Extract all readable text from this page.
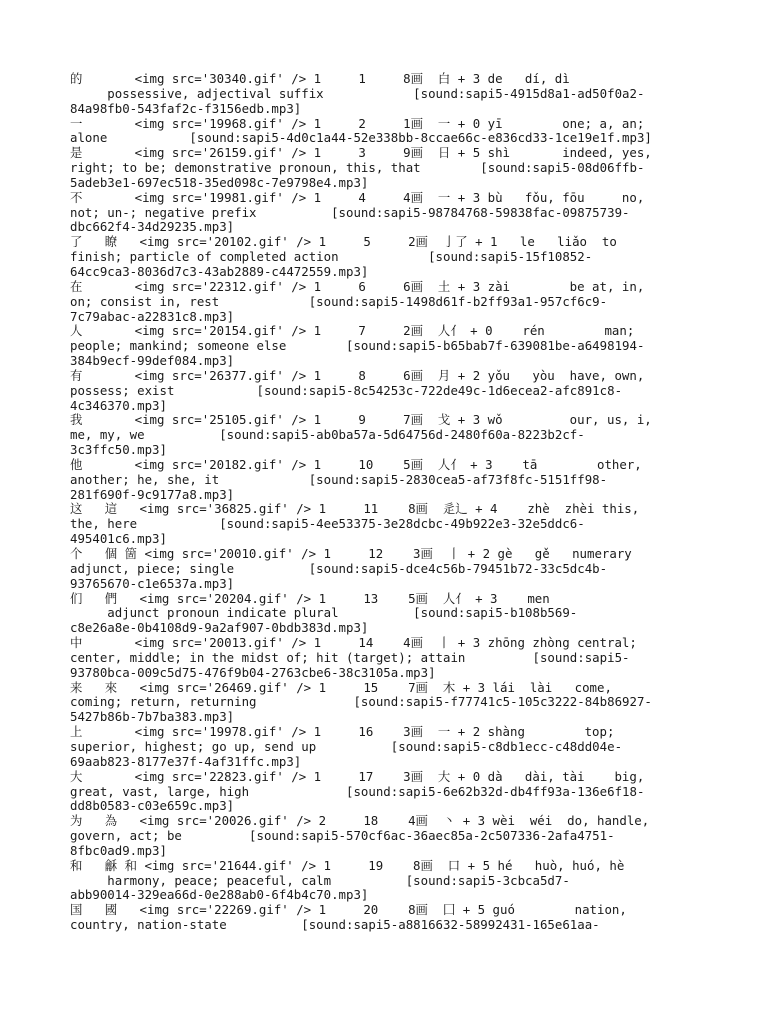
的       <img src='30340.gif' /> 1     1     8画  白 + 3 de   dí, dì
possessive, adjectival suffix            [sound:sapi5-4915d8a1-ad50f0a2-
84a98fb0-543faf2c-f3156edb.mp3]
一       <img src='19968.gif' /> 1     2     1画  一 + 0 yī        one; a, an;
alone           [sound:sapi5-4d0c1a44-52e338bb-8ccae66c-e836cd33-1ce19e1f.mp3]
是       <img src='26159.gif' /> 1     3     9画  日 + 5 shì       indeed, yes,
right; to be; demonstrative pronoun, this, that        [sound:sapi5-08d06ffb-
5adeb3e1-697ec518-35ed098c-7e9798e4.mp3]
不       <img src='19981.gif' /> 1     4     4画  一 + 3 bù   fǒu, fōu     no,
not; un-; negative prefix          [sound:sapi5-98784768-59838fac-09875739-
dbc662f4-34d29235.mp3]
了   瞭   <img src='20102.gif' /> 1     5     2画  亅了 + 1   le   liǎo  to
finish; particle of completed action            [sound:sapi5-15f10852-
64cc9ca3-8036d7c3-43ab2889-c4472559.mp3]
在       <img src='22312.gif' /> 1     6     6画  土 + 3 zài        be at, in,
on; consist in, rest            [sound:sapi5-1498d61f-b2ff93a1-957cf6c9-
7c79abac-a22831c8.mp3]
人       <img src='20154.gif' /> 1     7     2画  人亻 + 0    rén        man;
people; mankind; someone else        [sound:sapi5-b65bab7f-639081be-a6498194-
384b9ecf-99def084.mp3]
有       <img src='26377.gif' /> 1     8     6画  月 + 2 yǒu   yòu  have, own,
possess; exist           [sound:sapi5-8c54253c-722de49c-1d6ecea2-afc891c8-
4c346370.mp3]
我       <img src='25105.gif' /> 1     9     7画  戈 + 3 wǒ         our, us, i,
me, my, we          [sound:sapi5-ab0ba57a-5d64756d-2480f60a-8223b2cf-
3c3ffc50.mp3]
他       <img src='20182.gif' /> 1     10    5画  人亻 + 3    tā        other,
another; he, she, it            [sound:sapi5-2830cea5-af73f8fc-5151ff98-
281f690f-9c9177a8.mp3]
这   這   <img src='36825.gif' /> 1     11    8画  辵辶 + 4    zhè  zhèi this,
the, here           [sound:sapi5-4ee53375-3e28dcbc-49b922e3-32e5ddc6-
495401c6.mp3]
个   個 箇 <img src='20010.gif' /> 1     12    3画  丨 + 2 gè   gě   numerary
adjunct, piece; single          [sound:sapi5-dce4c56b-79451b72-33c5dc4b-
93765670-c1e6537a.mp3]
们   們   <img src='20204.gif' /> 1     13    5画  人亻 + 3    men
adjunct pronoun indicate plural          [sound:sapi5-b108b569-
c8e26a8e-0b4108d9-9a2af907-0bdb383d.mp3]
中       <img src='20013.gif' /> 1     14    4画  丨 + 3 zhōng zhòng central;
center, middle; in the midst of; hit (target); attain         [sound:sapi5-
93780bca-009c5d75-476f9b04-2763cbe6-38c3105a.mp3]
来   來   <img src='26469.gif' /> 1     15    7画  木 + 3 lái  lài   come,
coming; return, returning             [sound:sapi5-f77741c5-105c3222-84b86927-
5427b86b-7b7ba383.mp3]
上       <img src='19978.gif' /> 1     16    3画  一 + 2 shàng        top;
superior, highest; go up, send up          [sound:sapi5-c8db1ecc-c48dd04e-
69aab823-8177e37f-4af31ffc.mp3]
大       <img src='22823.gif' /> 1     17    3画  大 + 0 dà   dài, tài    big,
great, vast, large, high             [sound:sapi5-6e62b32d-db4ff93a-136e6f18-
dd8b0583-c03e659c.mp3]
为   為   <img src='20026.gif' /> 2     18    4画  丶 + 3 wèi  wéi  do, handle,
govern, act; be         [sound:sapi5-570cf6ac-36aec85a-2c507336-2afa4751-
8fbc0ad9.mp3]
和   龢 和 <img src='21644.gif' /> 1     19    8画  口 + 5 hé   huò, huó, hè
harmony, peace; peaceful, calm          [sound:sapi5-3cbca5d7-
abb90014-329ea66d-0e288ab0-6f4b4c70.mp3]
国   國   <img src='22269.gif' /> 1     20    8画  囗 + 5 guó        nation,
country, nation-state          [sound:sapi5-a8816632-58992431-165e61aa-
